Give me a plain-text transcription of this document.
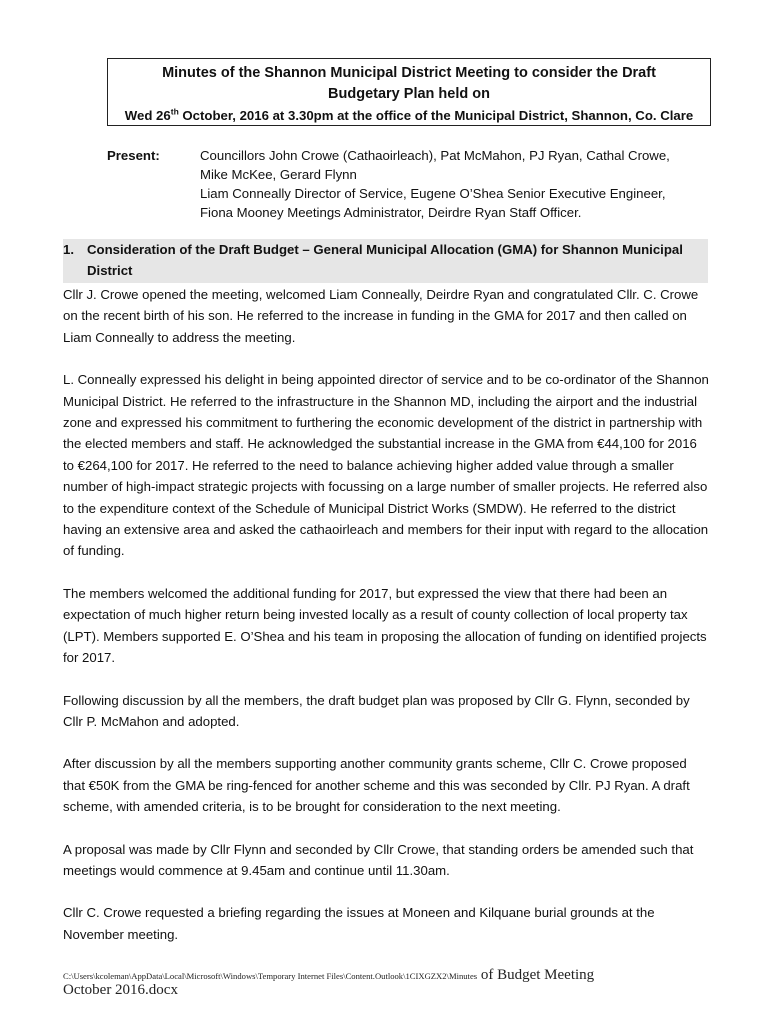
Minutes of the Shannon Municipal District Meeting to consider the Draft
Budgetary Plan held on
Wed 26th October, 2016 at 3.30pm at the office of the Municipal District, Shannon, Co. Clare
Present:	Councillors John Crowe (Cathaoirleach), Pat McMahon, PJ Ryan, Cathal Crowe,
Mike McKee, Gerard Flynn
Liam Conneally Director of Service, Eugene O’Shea Senior Executive Engineer,
Fiona Mooney Meetings Administrator, Deirdre Ryan Staff Officer.
1. Consideration of the Draft Budget – General Municipal Allocation (GMA) for Shannon Municipal District

Cllr J. Crowe opened the meeting, welcomed Liam Conneally, Deirdre Ryan and congratulated Cllr. C. Crowe on the recent birth of his son. He referred to the increase in funding in the GMA for 2017 and then called on Liam Conneally to address the meeting.

L. Conneally expressed his delight in being appointed director of service and to be co-ordinator of the Shannon Municipal District. He referred to the infrastructure in the Shannon MD, including the airport and the industrial zone and expressed his commitment to furthering the economic development of the district in partnership with the elected members and staff. He acknowledged the substantial increase in the GMA from €44,100 for 2016 to €264,100 for 2017. He referred to the need to balance achieving higher added value through a smaller number of high-impact strategic projects with focussing on a large number of smaller projects. He referred also to the expenditure context of the Schedule of Municipal District Works (SMDW). He referred to the district having an extensive area and asked the cathaoirleach and members for their input with regard to the allocation of funding.

The members welcomed the additional funding for 2017, but expressed the view that there had been an expectation of much higher return being invested locally as a result of county collection of local property tax (LPT). Members supported E. O’Shea and his team in proposing the allocation of funding on identified projects for 2017.

Following discussion by all the members, the draft budget plan was proposed by Cllr G. Flynn, seconded by Cllr P. McMahon and adopted.

After discussion by all the members supporting another community grants scheme, Cllr C. Crowe proposed that €50K from the GMA be ring-fenced for another scheme and this was seconded by Cllr. PJ Ryan. A draft scheme, with amended criteria, is to be brought for consideration to the next meeting.

A proposal was made by Cllr Flynn and seconded by Cllr Crowe, that standing orders be amended such that meetings would commence at 9.45am and continue until 11.30am.

Cllr C. Crowe requested a briefing regarding the issues at Moneen and Kilquane burial grounds at the November meeting.

C:\Users\kcoleman\AppData\Local\Microsoft\Windows\Temporary Internet Files\Content.Outlook\1CIXGZX2\Minutes of Budget Meeting
October 2016.docx
